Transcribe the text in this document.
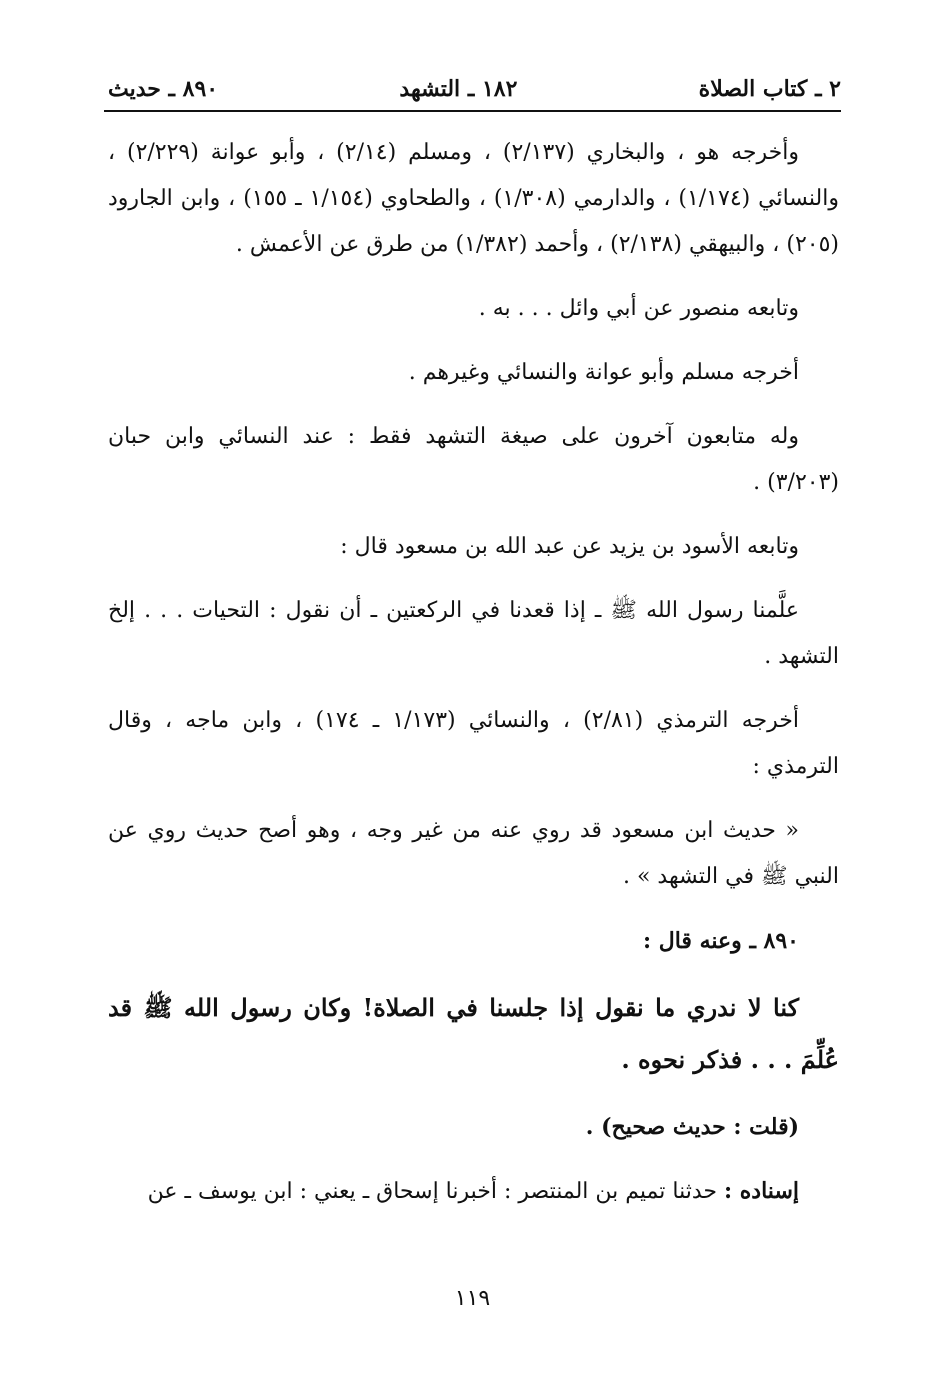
٢ ـ كتاب الصلاة
١٨٢ ـ التشهد
٨٩٠ ـ حديث

وأخرجه هو ، والبخاري (٢/١٣٧) ، ومسلم (٢/١٤) ، وأبو عوانة (٢/٢٢٩) ، والنسائي (١/١٧٤) ، والدارمي (١/٣٠٨) ، والطحاوي (١/١٥٤ ـ ١٥٥) ، وابن الجارود (٢٠٥) ، والبيهقي (٢/١٣٨) ، وأحمد (١/٣٨٢) من طرق عن الأعمش .

وتابعه منصور عن أبي وائل . . . به .

أخرجه مسلم وأبو عوانة والنسائي وغيرهم .

وله متابعون آخرون على صيغة التشهد فقط : عند النسائي وابن حبان (٣/٢٠٣) .

وتابعه الأسود بن يزيد عن عبد الله بن مسعود قال :

علَّمنا رسول الله ﷺ ـ إذا قعدنا في الركعتين ـ أن نقول : التحيات . . . إلخ التشهد .

أخرجه الترمذي (٢/٨١) ، والنسائي (١/١٧٣ ـ ١٧٤) ، وابن ماجه ، وقال الترمذي :

« حديث ابن مسعود قد روي عنه من غير وجه ، وهو أصح حديث روي عن النبي ﷺ في التشهد » .

٨٩٠ ـ وعنه قال :

كنا لا ندري ما نقول إذا جلسنا في الصلاة! وكان رسول الله ﷺ قد عُلِّمَ . . . فذكر نحوه .

(قلت : حديث صحيح) .

إسناده : حدثنا تميم بن المنتصر : أخبرنا إسحاق ـ يعني : ابن يوسف ـ عن

١١٩
